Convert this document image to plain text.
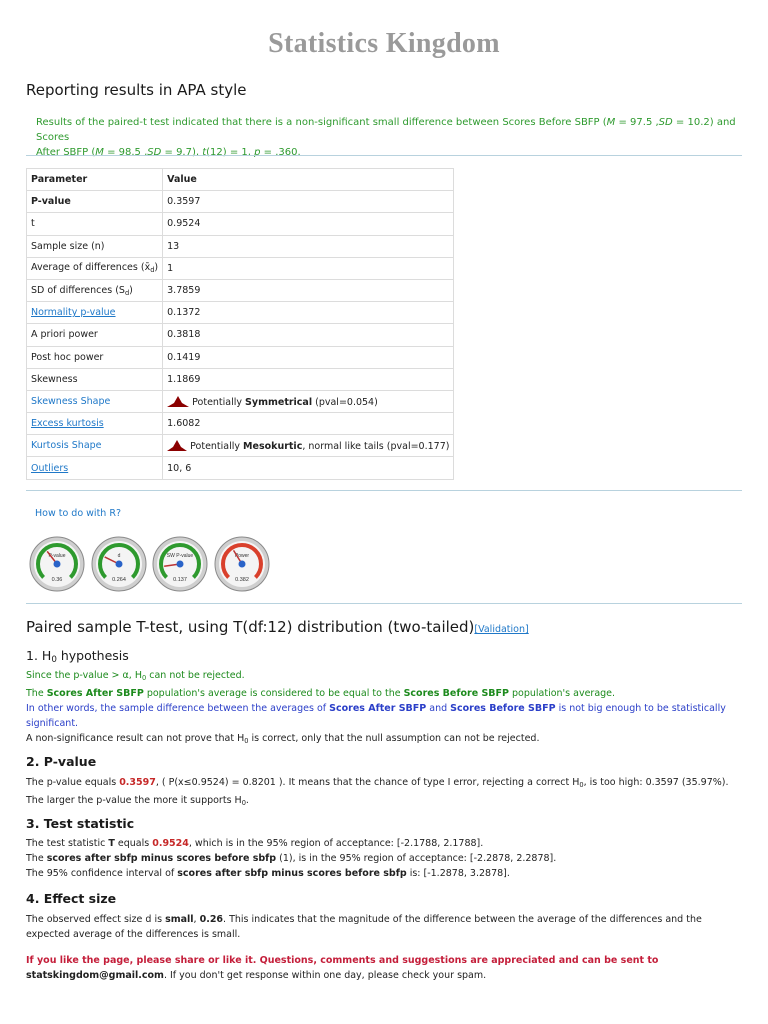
Statistics Kingdom
Reporting results in APA style
Results of the paired-t test indicated that there is a non-significant small difference between Scores Before SBFP (M = 97.5 ,SD = 10.2) and Scores
After SBFP (M = 98.5 ,SD = 9.7), t(12) = 1, p = .360.
Parameter	Value
P-value	0.3597
t	0.9524
Sample size (n)	13
Average of differences $(x̄_d)$	1
SD of differences $(S_d)$	3.7859
Normality p-value	0.1372
A priori power	0.3818
Post hoc power	0.1419
Skewness	1.1869
Skewness Shape	Potentially Symmetrical (pval=0.054)
Excess kurtosis	1.6082
Kurtosis Shape	Potentially Mesokurtic, normal like tails (pval=0.177)
Outliers	10, 6
How to do with R?
P-value
0.36
d
0.264
SW P-value
0.137
Power
0.382
Paired sample T-test, using T(df:12) distribution (two-tailed)[Validation]
1. $H_0$ hypothesis
Since the p-value > α, $H_0$ can not be rejected.
The Scores After SBFP population's average is considered to be equal to the Scores Before SBFP population's average.
In other words, the sample difference between the averages of Scores After SBFP and Scores Before SBFP is not big enough to be statistically significant.
A non-significance result can not prove that $H_0$ is correct, only that the null assumption can not be rejected.
2. P-value
The p-value equals 0.3597, ( P(x≤0.9524) = 0.8201 ). It means that the chance of type I error, rejecting a correct $H_0$, is too high: 0.3597 (35.97%). The larger the p-value the more it supports $H_0$.
3. Test statistic
The test statistic T equals 0.9524, which is in the 95% region of acceptance: [-2.1788, 2.1788].
The scores after sbfp minus scores before sbfp (1), is in the 95% region of acceptance: [-2.2878, 2.2878].
The 95% confidence interval of scores after sbfp minus scores before sbfp is: [-1.2878, 3.2878].
4. Effect size
The observed effect size d is small, 0.26. This indicates that the magnitude of the difference between the average of the differences and the expected average of the differences is small.
If you like the page, please share or like it. Questions, comments and suggestions are appreciated and can be sent to
statskingdom@gmail.com. If you don't get response within one day, please check your spam.
